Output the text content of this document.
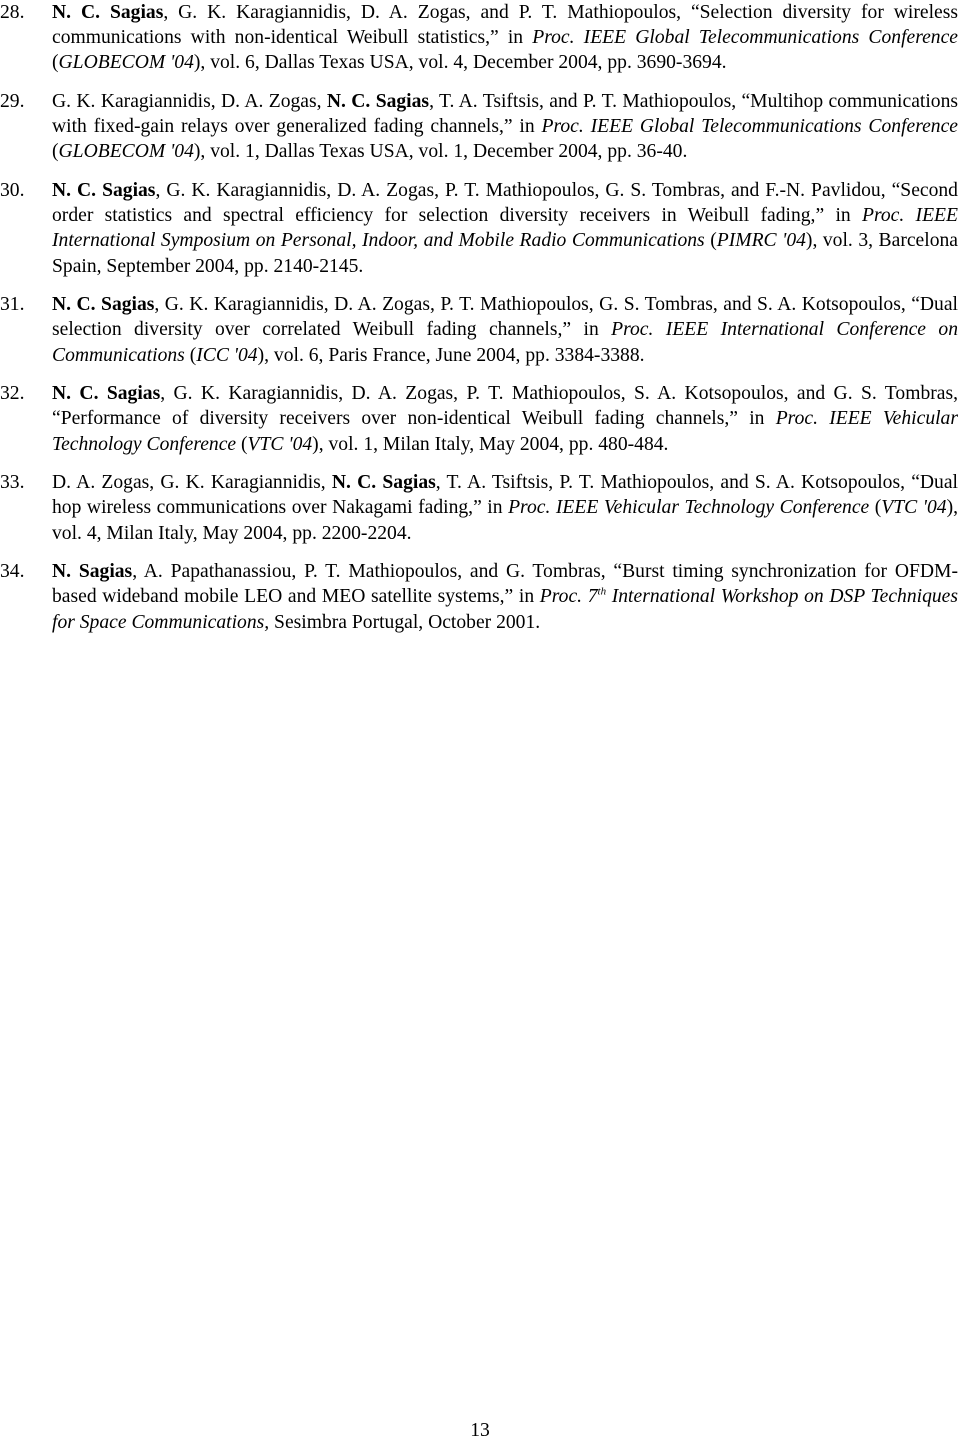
28. N. C. Sagias, G. K. Karagiannidis, D. A. Zogas, and P. T. Mathiopoulos, “Selection diversity for wireless communications with non-identical Weibull statistics,” in Proc. IEEE Global Telecommunications Conference (GLOBECOM '04), vol. 6, Dallas Texas USA, vol. 4, December 2004, pp. 3690-3694.
29. G. K. Karagiannidis, D. A. Zogas, N. C. Sagias, T. A. Tsiftsis, and P. T. Mathiopoulos, “Multihop communications with fixed-gain relays over generalized fading channels,” in Proc. IEEE Global Telecommunications Conference (GLOBECOM '04), vol. 1, Dallas Texas USA, vol. 1, December 2004, pp. 36-40.
30. N. C. Sagias, G. K. Karagiannidis, D. A. Zogas, P. T. Mathiopoulos, G. S. Tombras, and F.-N. Pavlidou, “Second order statistics and spectral efficiency for selection diversity receivers in Weibull fading,” in Proc. IEEE International Symposium on Personal, Indoor, and Mobile Radio Communications (PIMRC '04), vol. 3, Barcelona Spain, September 2004, pp. 2140-2145.
31. N. C. Sagias, G. K. Karagiannidis, D. A. Zogas, P. T. Mathiopoulos, G. S. Tombras, and S. A. Kotsopoulos, “Dual selection diversity over correlated Weibull fading channels,” in Proc. IEEE International Conference on Communications (ICC '04), vol. 6, Paris France, June 2004, pp. 3384-3388.
32. N. C. Sagias, G. K. Karagiannidis, D. A. Zogas, P. T. Mathiopoulos, S. A. Kotsopoulos, and G. S. Tombras, “Performance of diversity receivers over non-identical Weibull fading channels,” in Proc. IEEE Vehicular Technology Conference (VTC '04), vol. 1, Milan Italy, May 2004, pp. 480-484.
33. D. A. Zogas, G. K. Karagiannidis, N. C. Sagias, T. A. Tsiftsis, P. T. Mathiopoulos, and S. A. Kotsopoulos, “Dual hop wireless communications over Nakagami fading,” in Proc. IEEE Vehicular Technology Conference (VTC '04), vol. 4, Milan Italy, May 2004, pp. 2200-2204.
34. N. Sagias, A. Papathanassiou, P. T. Mathiopoulos, and G. Tombras, “Burst timing synchronization for OFDM-based wideband mobile LEO and MEO satellite systems,” in Proc. 7th International Workshop on DSP Techniques for Space Communications, Sesimbra Portugal, October 2001.
13
